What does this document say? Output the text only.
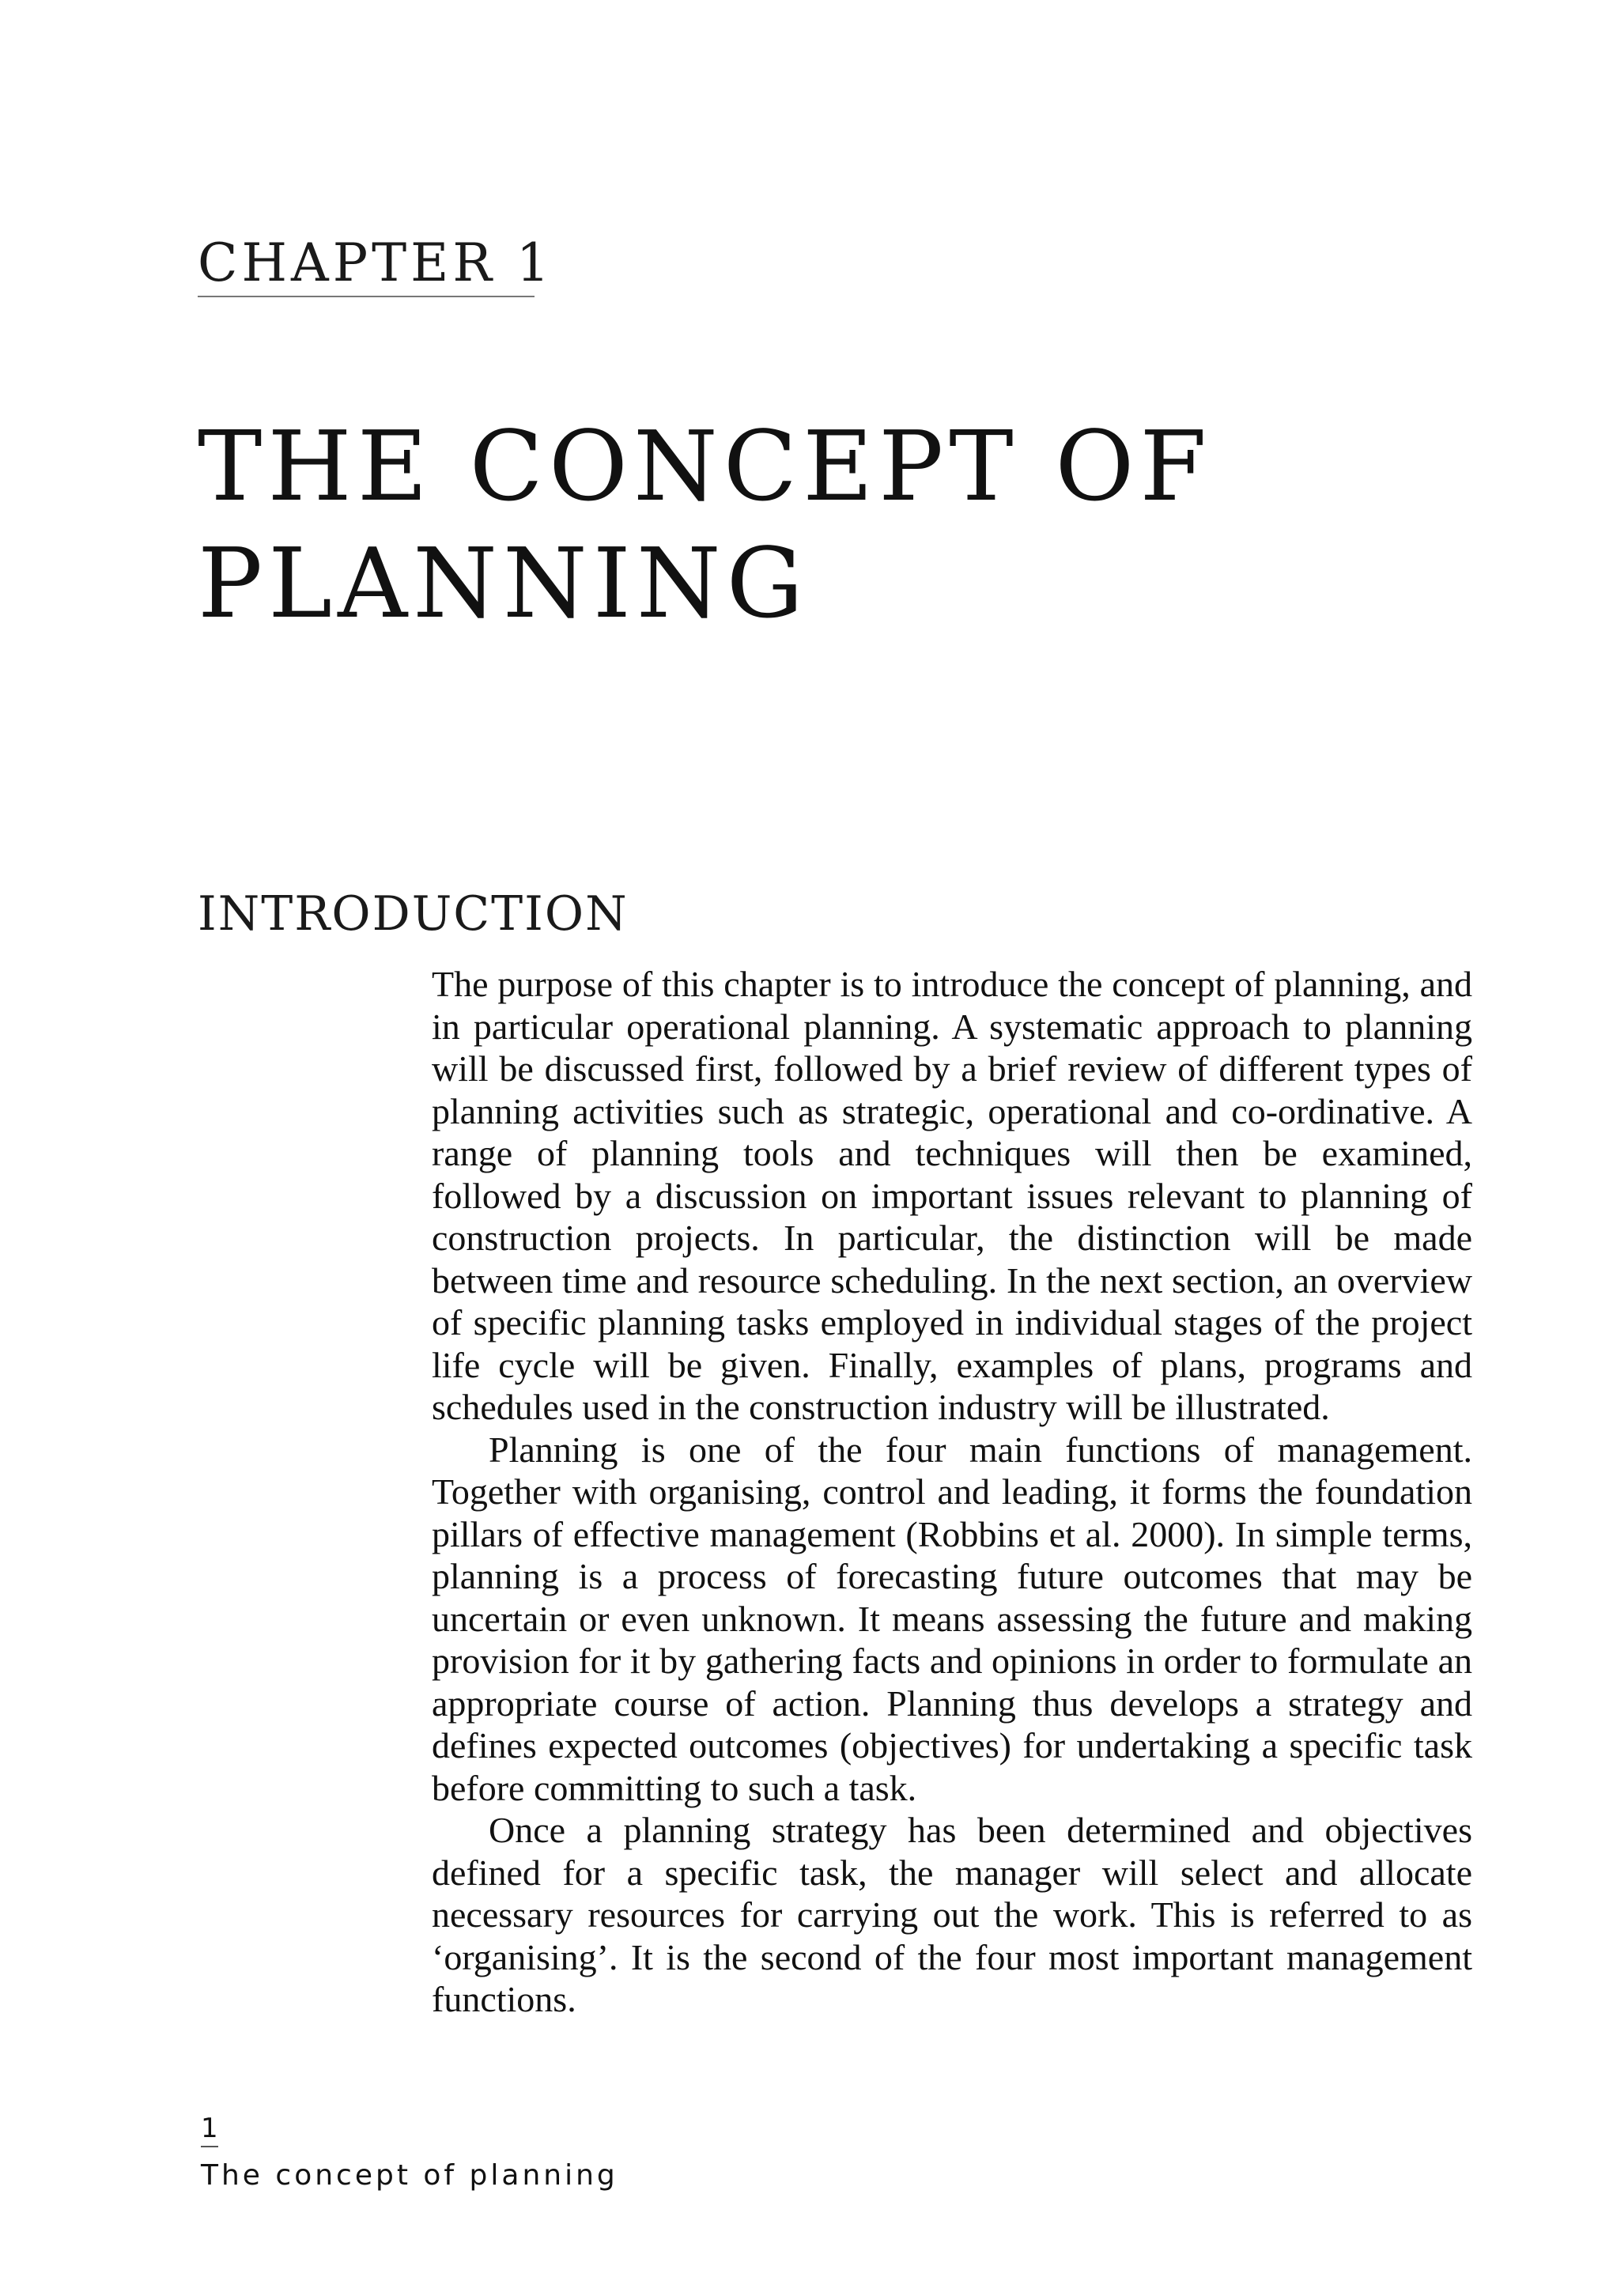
CHAPTER 1
THE CONCEPT OF
PLANNING
INTRODUCTION

The purpose of this chapter is to introduce the concept of planning, and in particular operational planning. A systematic approach to planning will be discussed first, followed by a brief review of different types of planning activities such as strategic, operational and co-ordinative. A range of planning tools and techniques will then be examined, followed by a discussion on important issues relevant to planning of construction projects. In particular, the distinction will be made between time and resource scheduling. In the next section, an overview of specific planning tasks employed in individual stages of the project life cycle will be given. Finally, examples of plans, programs and schedules used in the construction industry will be illustrated.

Planning is one of the four main functions of management. Together with organising, control and leading, it forms the foundation pillars of effective management (Robbins et al. 2000). In simple terms, planning is a process of forecasting future outcomes that may be uncertain or even unknown. It means assessing the future and making provision for it by gathering facts and opinions in order to formulate an appropriate course of action. Planning thus develops a strategy and defines expected outcomes (objectives) for undertaking a specific task before committing to such a task.

Once a planning strategy has been determined and objectives defined for a specific task, the manager will select and allocate necessary resources for carrying out the work. This is referred to as ‘organising’. It is the second of the four most important management functions.

1
The concept of planning
